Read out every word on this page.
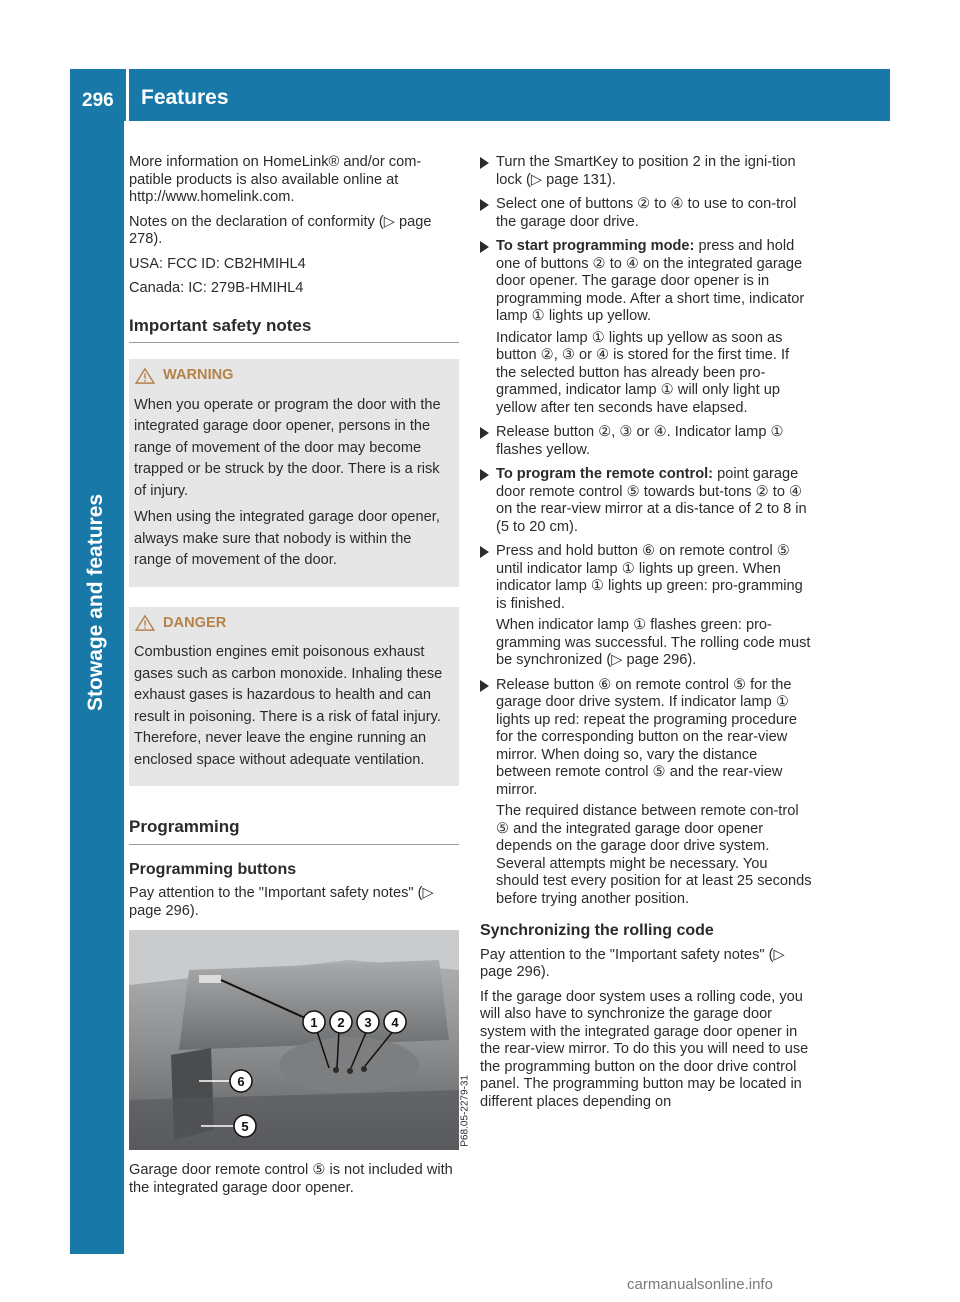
296 Features
Stowage and features

More information on HomeLink® and/or com-patible products is also available online at http://www.homelink.com.

Notes on the declaration of conformity (▷ page 278).

USA: FCC ID: CB2HMIHL4

Canada: IC: 279B-HMIHL4

Important safety notes
WARNING

When you operate or program the door with the integrated garage door opener, persons in the range of movement of the door may become trapped or be struck by the door. There is a risk of injury.

When using the integrated garage door opener, always make sure that nobody is within the range of movement of the door.

DANGER

Combustion engines emit poisonous exhaust gases such as carbon monoxide. Inhaling these exhaust gases is hazardous to health and can result in poisoning. There is a risk of fatal injury. Therefore, never leave the engine running an enclosed space without adequate ventilation.

Programming
Programming buttons

Pay attention to the "Important safety notes" (▷ page 296).

1 2 3 4
6
5	P68.05-2279-31

Garage door remote control ⑤ is not included with the integrated garage door opener.

Turn the SmartKey to position 2 in the igni-tion lock (▷ page 131).

Select one of buttons ② to ④ to use to con-trol the garage door drive.

To start programming mode: press and hold one of buttons ② to ④ on the integrated garage door opener. The garage door opener is in programming mode. After a short time, indicator lamp ① lights up yellow.

Indicator lamp ① lights up yellow as soon as button ②, ③ or ④ is stored for the first time. If the selected button has already been pro-grammed, indicator lamp ① will only light up yellow after ten seconds have elapsed.

Release button ②, ③ or ④. Indicator lamp ① flashes yellow.

To program the remote control: point garage door remote control ⑤ towards but-tons ② to ④ on the rear-view mirror at a dis-tance of 2 to 8 in (5 to 20 cm).

Press and hold button ⑥ on remote control ⑤ until indicator lamp ① lights up green. When indicator lamp ① lights up green: pro-gramming is finished.

When indicator lamp ① flashes green: pro-gramming was successful. The rolling code must be synchronized (▷ page 296).

Release button ⑥ on remote control ⑤ for the garage door drive system. If indicator lamp ① lights up red: repeat the programing procedure for the corresponding button on the rear-view mirror. When doing so, vary the distance between remote control ⑤ and the rear-view mirror.

The required distance between remote con-trol ⑤ and the integrated garage door opener depends on the garage door drive system. Several attempts might be necessary. You should test every position for at least 25 seconds before trying another position.

Synchronizing the rolling code

Pay attention to the "Important safety notes" (▷ page 296).

If the garage door system uses a rolling code, you will also have to synchronize the garage door system with the integrated garage door opener in the rear-view mirror. To do this you will need to use the programming button on the door drive control panel. The programming button may be located in different places depending on

carmanualsonline.info
